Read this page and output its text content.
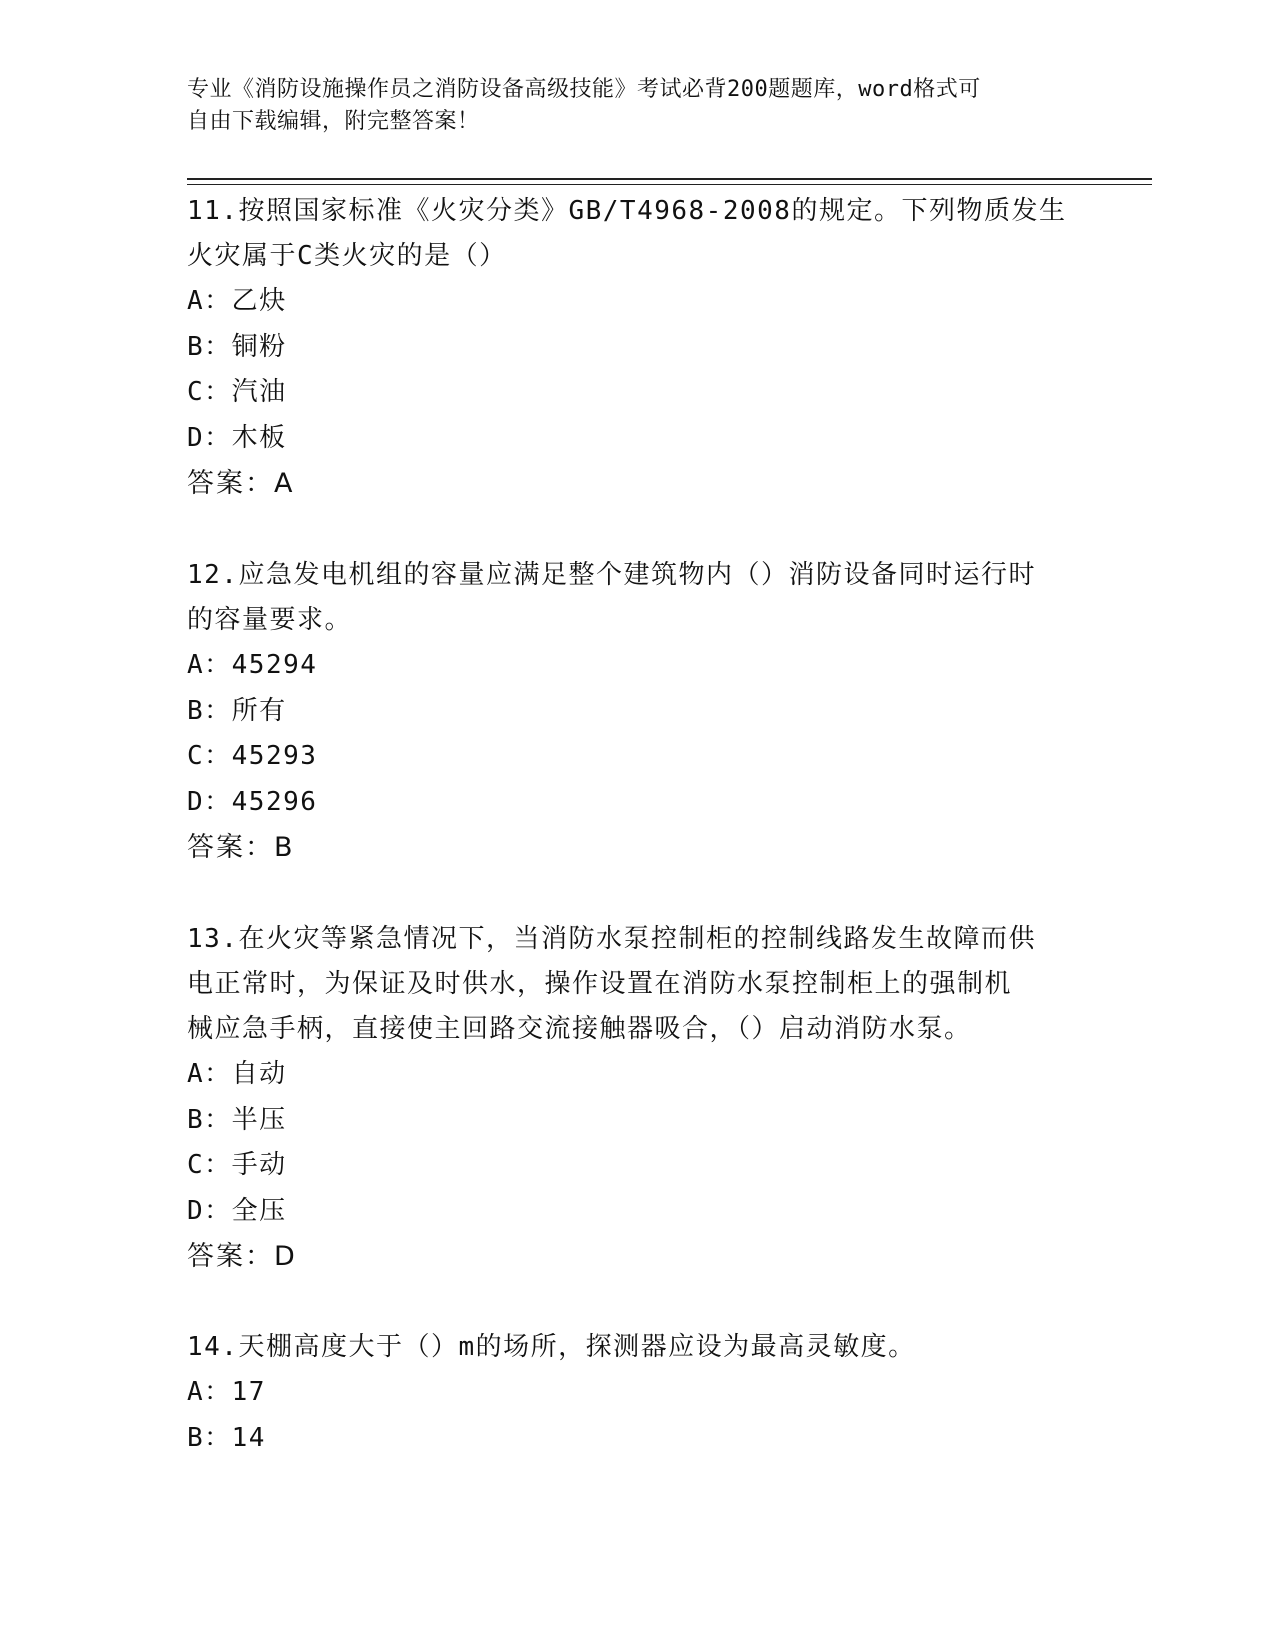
专业《消防设施操作员之消防设备高级技能》考试必背200题题库，word格式可
自由下载编辑，附完整答案！
11.按照国家标准《火灾分类》GB/T4968-2008的规定。下列物质发生
火灾属于C类火灾的是（）
A：乙炔
B：铜粉
C：汽油
D：木板
答案：A
12.应急发电机组的容量应满足整个建筑物内（）消防设备同时运行时
的容量要求。
A：45294
B：所有
C：45293
D：45296
答案：B
13.在火灾等紧急情况下，当消防水泵控制柜的控制线路发生故障而供
电正常时，为保证及时供水，操作设置在消防水泵控制柜上的强制机
械应急手柄，直接使主回路交流接触器吸合，（）启动消防水泵。
A：自动
B：半压
C：手动
D：全压
答案：D
14.天棚高度大于（）m的场所，探测器应设为最高灵敏度。
A：17
B：14
